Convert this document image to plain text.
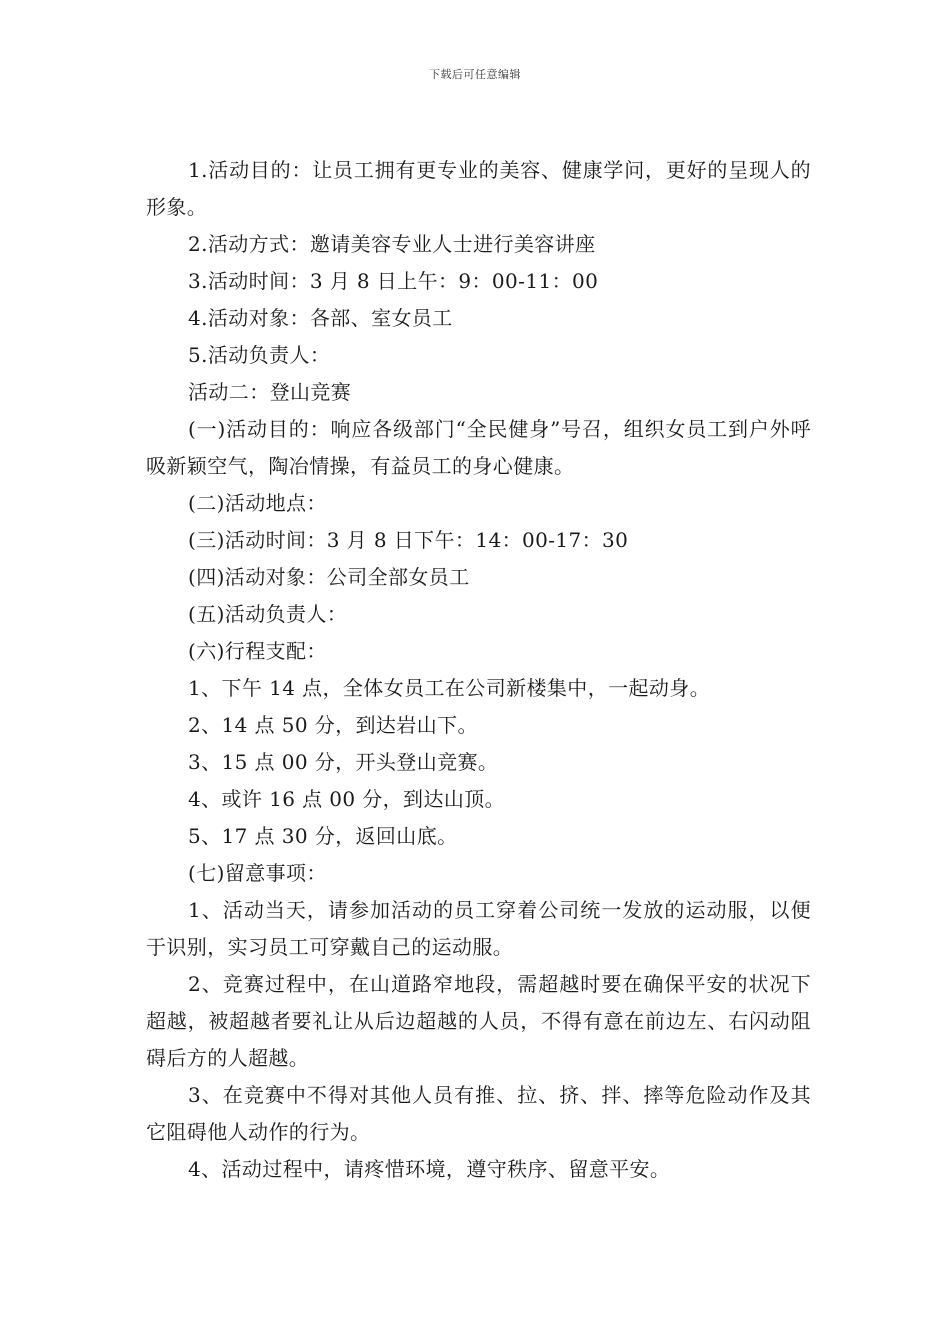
下载后可任意编辑

1.活动目的：让员工拥有更专业的美容、健康学问，更好的呈现人的形象。

2.活动方式：邀请美容专业人士进行美容讲座

3.活动时间：3 月 8 日上午：9：00-11：00

4.活动对象：各部、室女员工

5.活动负责人：

活动二：登山竞赛

(一)活动目的：响应各级部门“全民健身”号召，组织女员工到户外呼吸新颖空气，陶冶情操，有益员工的身心健康。

(二)活动地点：

(三)活动时间：3 月 8 日下午：14：00-17：30

(四)活动对象：公司全部女员工

(五)活动负责人：

(六)行程支配：

1、下午 14 点，全体女员工在公司新楼集中，一起动身。

2、14 点 50 分，到达岩山下。

3、15 点 00 分，开头登山竞赛。

4、或许 16 点 00 分，到达山顶。

5、17 点 30 分，返回山底。

(七)留意事项：

1、活动当天，请参加活动的员工穿着公司统一发放的运动服，以便于识别，实习员工可穿戴自己的运动服。

2、竞赛过程中，在山道路窄地段，需超越时要在确保平安的状况下超越，被超越者要礼让从后边超越的人员，不得有意在前边左、右闪动阻碍后方的人超越。

3、在竞赛中不得对其他人员有推、拉、挤、拌、摔等危险动作及其它阻碍他人动作的行为。

4、活动过程中，请疼惜环境，遵守秩序、留意平安。
